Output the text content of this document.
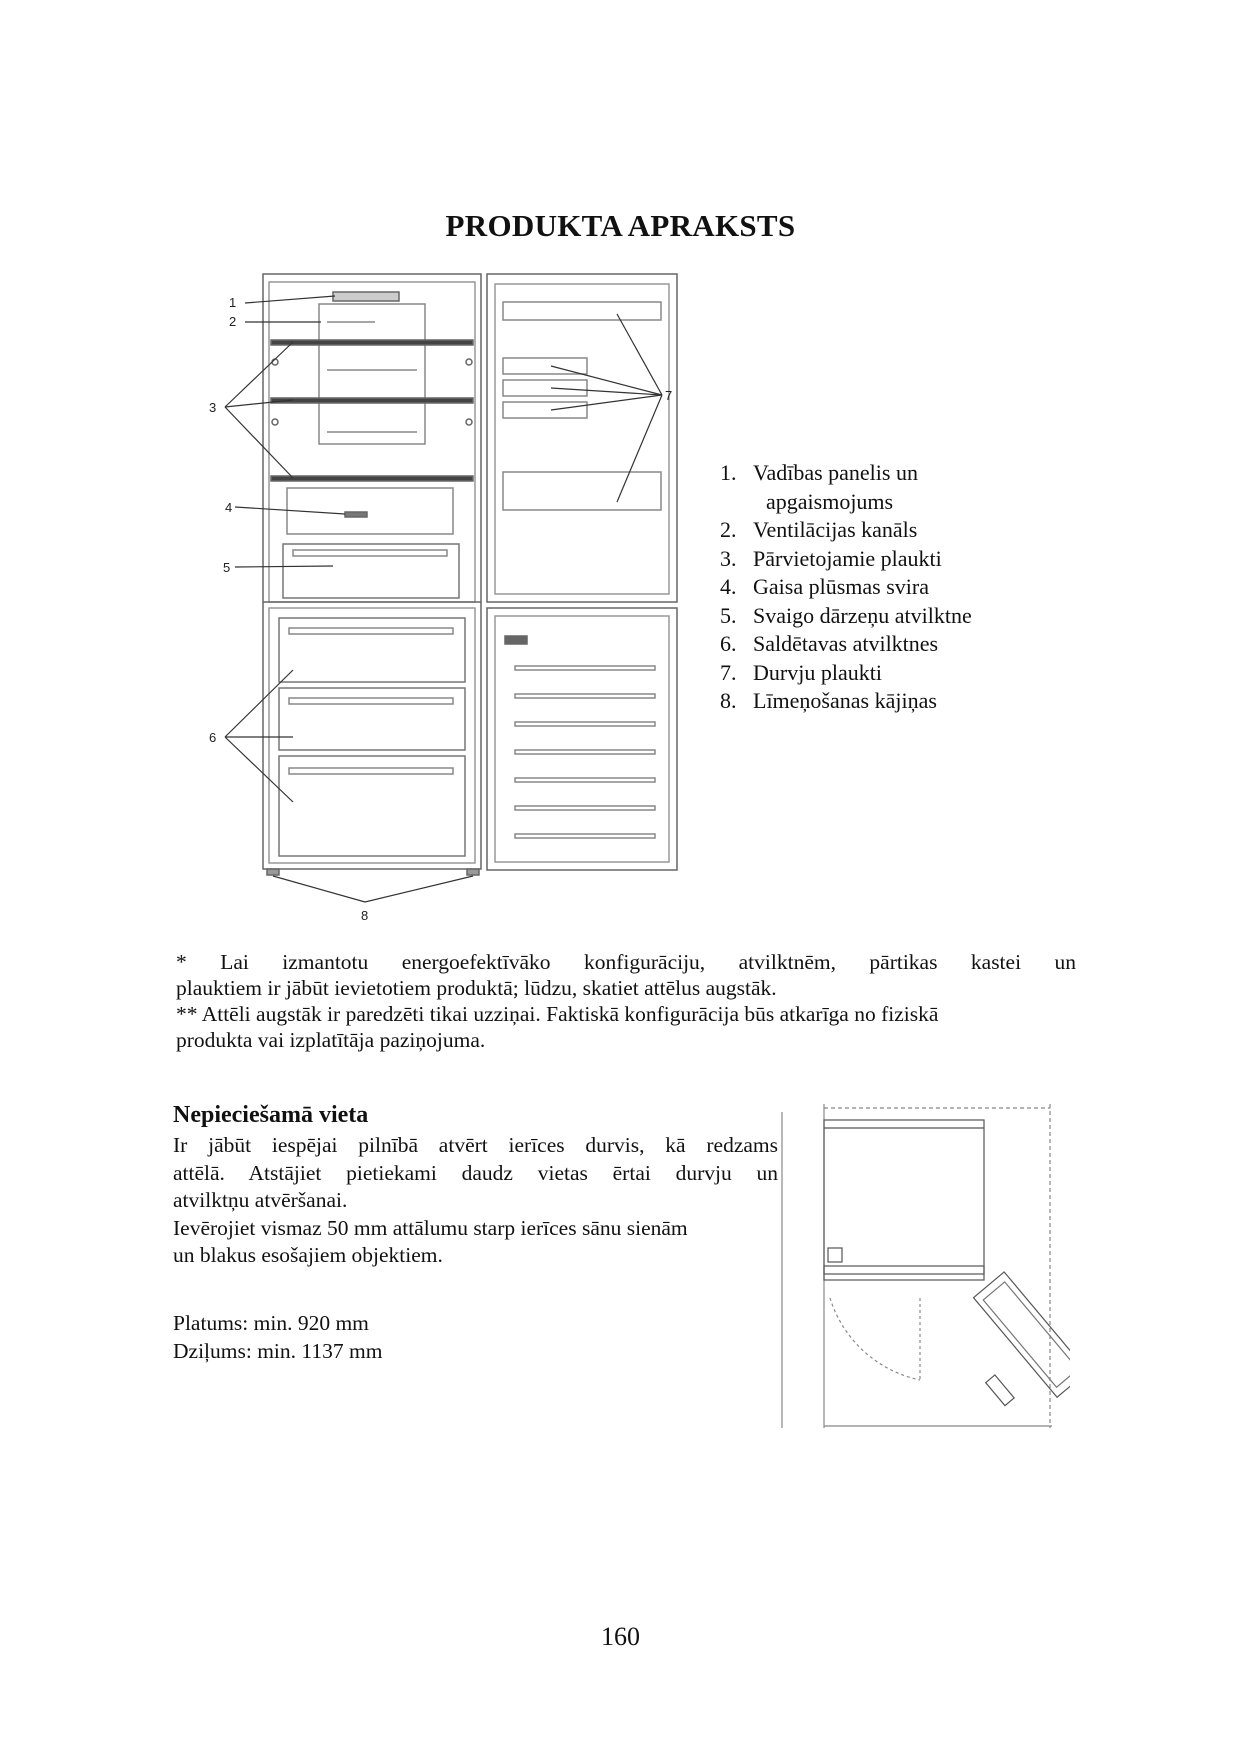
PRODUKTA APRAKSTS
1
2
3
4
5
6
7
8
1. Vadības panelis un
apgaismojums
2. Ventilācijas kanāls
3. Pārvietojamie plaukti
4. Gaisa plūsmas svira
5. Svaigo dārzeņu atvilktne
6. Saldētavas atvilktnes
7. Durvju plaukti
8. Līmeņošanas kājiņas

* Lai izmantotu energoefektīvāko konfigurāciju, atvilktnēm, pārtikas kastei un

plauktiem ir jābūt ievietotiem produktā; lūdzu, skatiet attēlus augstāk.

** Attēli augstāk ir paredzēti tikai uzziņai. Faktiskā konfigurācija būs atkarīga no fiziskā

produkta vai izplatītāja paziņojuma.

Nepieciešamā vieta
Ir jābūt iespējai pilnībā atvērt ierīces durvis, kā redzams
attēlā. Atstājiet pietiekami daudz vietas ērtai durvju un
atvilktņu atvēršanai.
Ievērojiet vismaz 50 mm attālumu starp ierīces sānu sienām
un blakus esošajiem objektiem.
Platums: min. 920 mm
Dziļums: min. 1137 mm
160
